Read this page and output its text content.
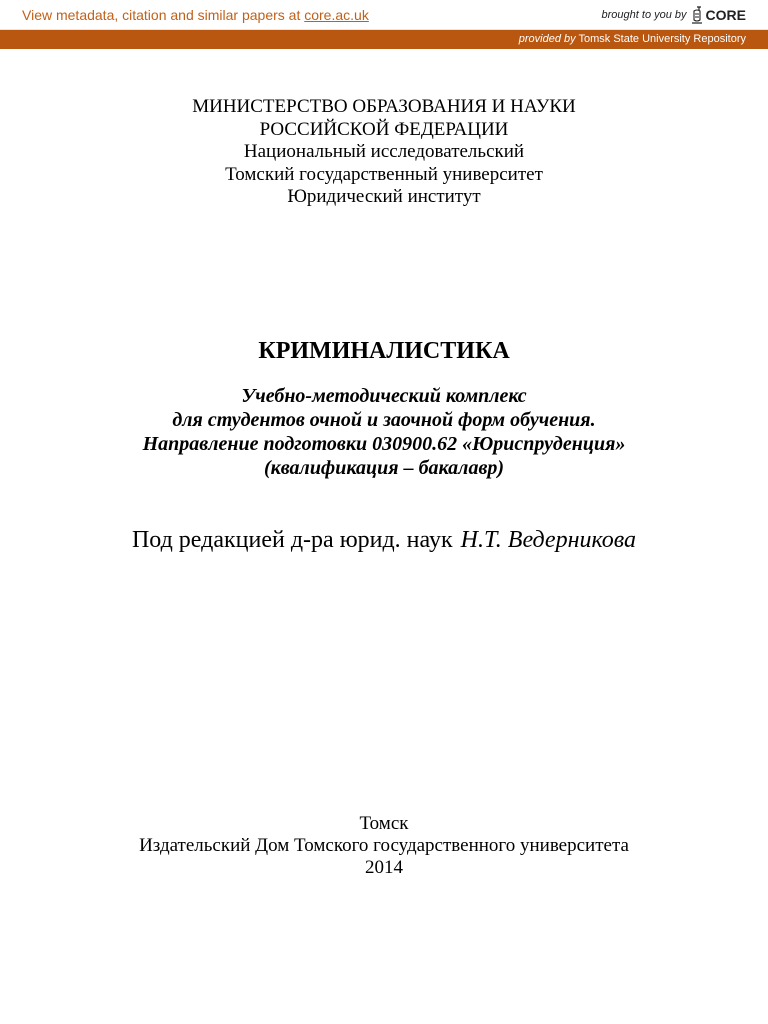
View metadata, citation and similar papers at core.ac.uk	brought to you by CORE
provided by Tomsk State University Repository
МИНИСТЕРСТВО ОБРАЗОВАНИЯ И НАУКИ
РОССИЙСКОЙ ФЕДЕРАЦИИ
Национальный исследовательский
Томский государственный университет
Юридический институт
КРИМИНАЛИСТИКА
Учебно-методический комплекс
для студентов очной и заочной форм обучения.
Направление подготовки 030900.62 «Юриспруденция»
(квалификация – бакалавр)
Под редакцией д-ра юрид. наук Н.Т. Ведерникова
Томск
Издательский Дом Томского государственного университета
2014
